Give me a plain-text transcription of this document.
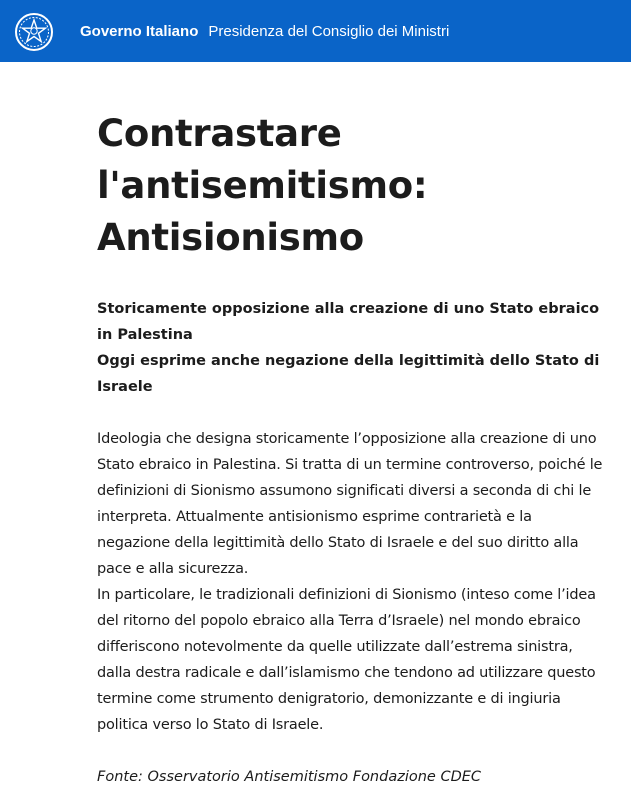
Governo Italiano Presidenza del Consiglio dei Ministri
Contrastare l'antisemitismo: Antisionismo
Storicamente opposizione alla creazione di uno Stato ebraico in Palestina
Oggi esprime anche negazione della legittimità dello Stato di Israele

Ideologia che designa storicamente l’opposizione alla creazione di uno Stato ebraico in Palestina. Si tratta di un termine controverso, poiché le definizioni di Sionismo assumono significati diversi a seconda di chi le interpreta. Attualmente antisionismo esprime contrarietà e la negazione della legittimità dello Stato di Israele e del suo diritto alla pace e alla sicurezza.

In particolare, le tradizionali definizioni di Sionismo (inteso come l’idea del ritorno del popolo ebraico alla Terra d’Israele) nel mondo ebraico differiscono notevolmente da quelle utilizzate dall’estrema sinistra, dalla destra radicale e dall’islamismo che tendono ad utilizzare questo termine come strumento denigratorio, demonizzante e di ingiuria politica verso lo Stato di Israele.

Fonte: Osservatorio Antisemitismo Fondazione CDEC
